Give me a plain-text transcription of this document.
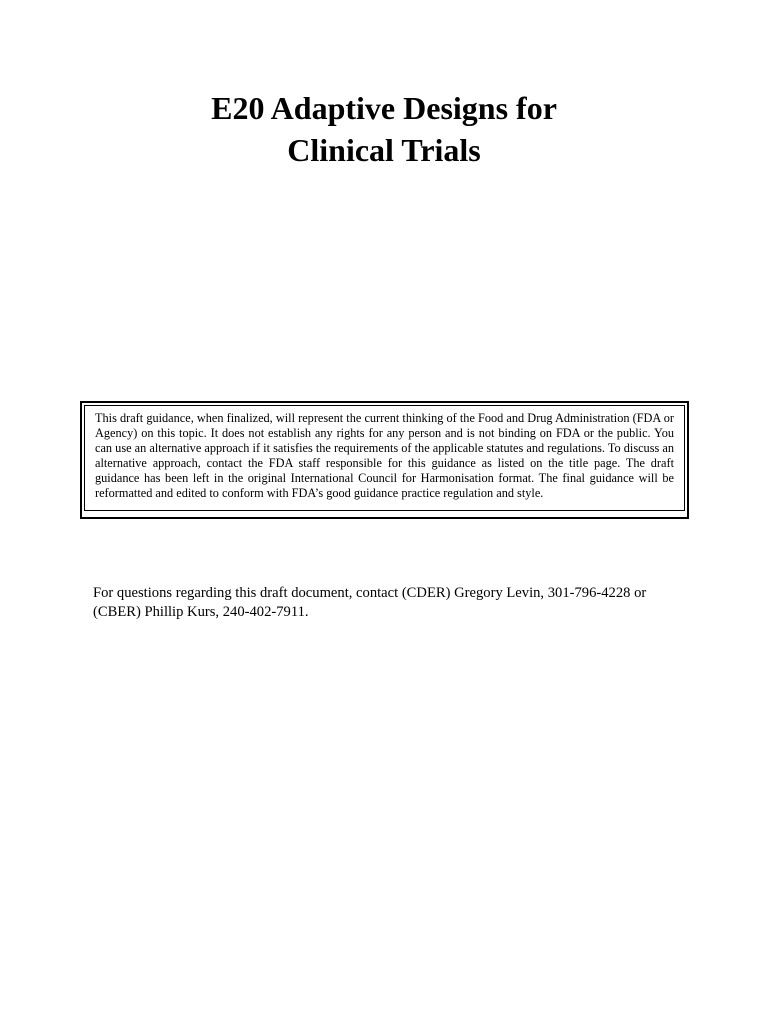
E20 Adaptive Designs for
Clinical Trials
This draft guidance, when finalized, will represent the current thinking of the Food and Drug Administration (FDA or Agency) on this topic. It does not establish any rights for any person and is not binding on FDA or the public. You can use an alternative approach if it satisfies the requirements of the applicable statutes and regulations. To discuss an alternative approach, contact the FDA staff responsible for this guidance as listed on the title page. The draft guidance has been left in the original International Council for Harmonisation format. The final guidance will be reformatted and edited to conform with FDA’s good guidance practice regulation and style.
For questions regarding this draft document, contact (CDER) Gregory Levin, 301-796-4228 or (CBER) Phillip Kurs, 240-402-7911.
